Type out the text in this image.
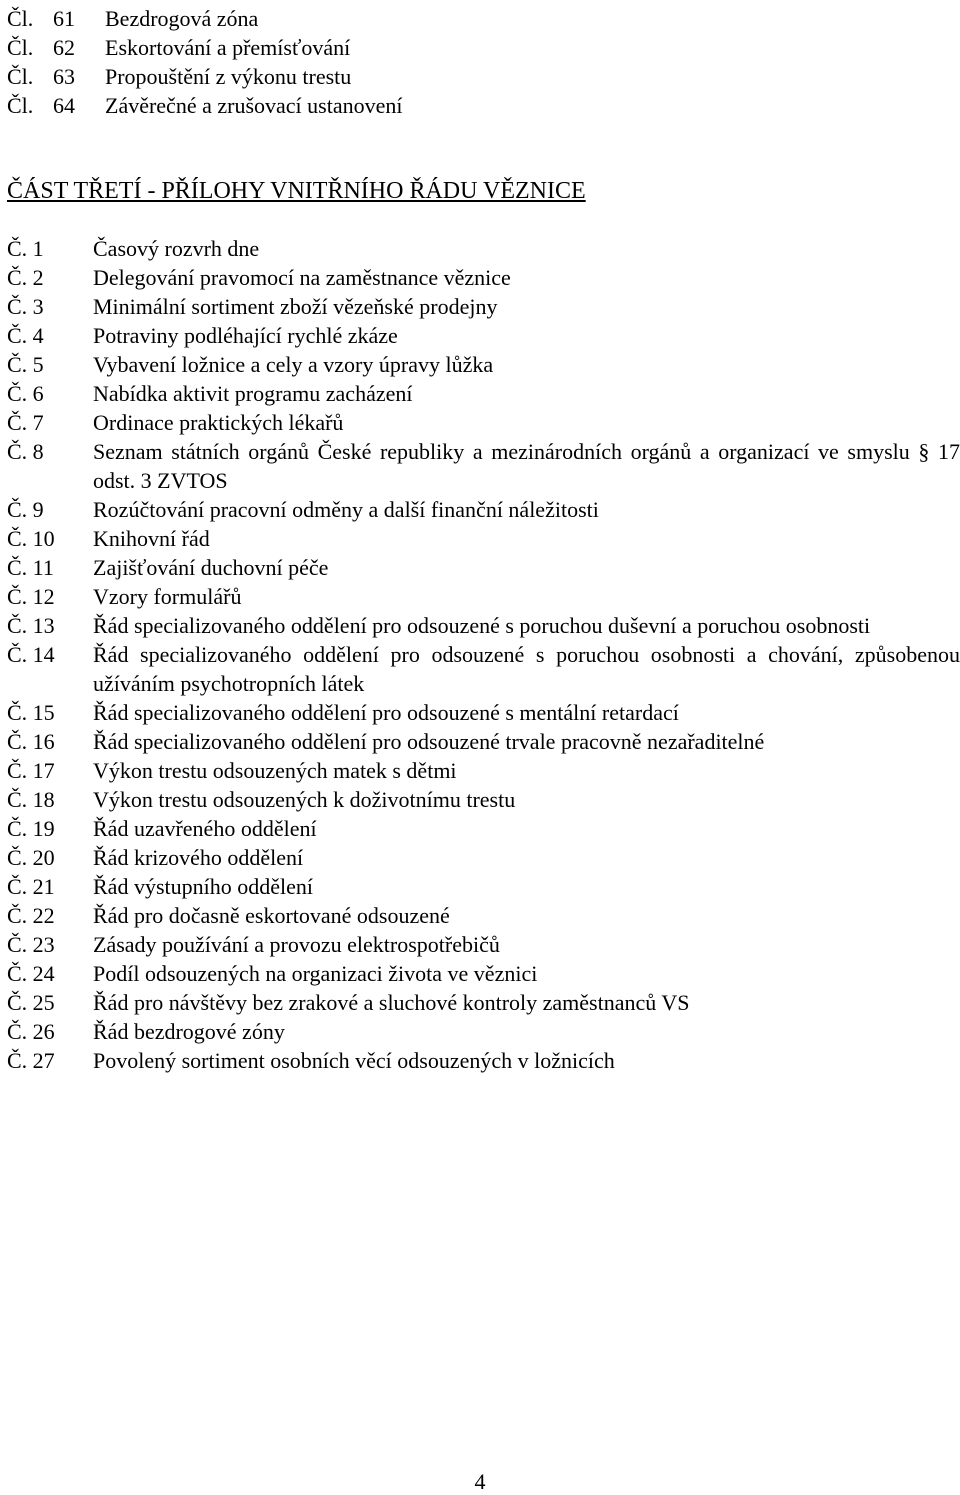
Čl. 61	Bezdrogová zóna
Čl. 62	Eskortování a přemísťování
Čl. 63	Propouštění z výkonu trestu
Čl. 64	Závěrečné a zrušovací ustanovení
ČÁST TŘETÍ - PŘÍLOHY VNITŘNÍHO ŘÁDU VĚZNICE
Č. 1	Časový rozvrh dne
Č. 2	Delegování pravomocí na zaměstnance věznice
Č. 3	Minimální sortiment zboží vězeňské prodejny
Č. 4	Potraviny podléhající rychlé zkáze
Č. 5	Vybavení ložnice a cely a vzory úpravy lůžka
Č. 6	Nabídka aktivit programu zacházení
Č. 7	Ordinace praktických lékařů
Č. 8	Seznam státních orgánů České republiky a mezinárodních orgánů a organizací ve smyslu § 17 odst. 3 ZVTOS
Č. 9	Rozúčtování pracovní odměny a další finanční náležitosti
Č. 10	Knihovní řád
Č. 11	Zajišťování duchovní péče
Č. 12	Vzory formulářů
Č. 13	Řád specializovaného oddělení pro odsouzené s poruchou duševní a poruchou osobnosti
Č. 14	Řád specializovaného oddělení pro odsouzené s poruchou osobnosti a chování, způsobenou užíváním psychotropních látek
Č. 15	Řád specializovaného oddělení pro odsouzené s mentální retardací
Č. 16	Řád specializovaného oddělení pro odsouzené trvale pracovně nezařaditelné
Č. 17	Výkon trestu odsouzených matek s dětmi
Č. 18	Výkon trestu odsouzených k doživotnímu trestu
Č. 19	Řád uzavřeného oddělení
Č. 20	Řád krizového oddělení
Č. 21	Řád výstupního oddělení
Č. 22	Řád pro dočasně eskortované odsouzené
Č. 23	Zásady používání a provozu elektrospotřebičů
Č. 24	Podíl odsouzených na organizaci života ve věznici
Č. 25	Řád pro návštěvy bez zrakové a sluchové kontroly zaměstnanců VS
Č. 26	Řád bezdrogové zóny
Č. 27	Povolený sortiment osobních věcí odsouzených v ložnicích
4
